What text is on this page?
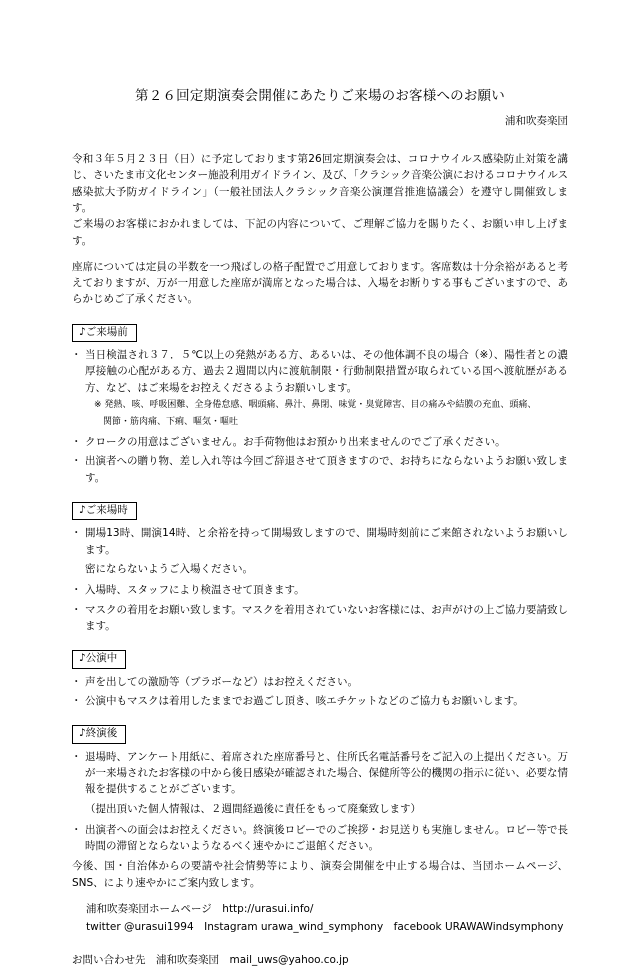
第２６回定期演奏会開催にあたりご来場のお客様へのお願い
浦和吹奏楽団

令和３年５月２３日（日）に予定しております第26回定期演奏会は、コロナウイルス感染防止対策を講じ、さいたま市文化センター施設利用ガイドライン、及び、「クラシック音楽公演におけるコロナウイルス感染拡大予防ガイドライン」（一般社団法人クラシック音楽公演運営推進協議会）を遵守し開催致します。

ご来場のお客様におかれましては、下記の内容について、ご理解ご協力を賜りたく、お願い申し上げます。

座席については定員の半数を一つ飛ばしの格子配置でご用意しております。客席数は十分余裕があると考えておりますが、万が一用意した座席が満席となった場合は、入場をお断りする事もございますので、あらかじめご了承ください。

♪ご来場前
・ 当日検温され３７．５℃以上の発熱がある方、あるいは、その他体調不良の場合（※）、陽性者との濃厚接触の心配がある方、過去２週間以内に渡航制限・行動制限措置が取られている国へ渡航歴がある方、など、はご来場をお控えくださるようお願いします。
※ 発熱、咳、呼吸困難、全身倦怠感、咽頭痛、鼻汁、鼻閉、味覚・臭覚障害、目の痛みや結膜の充血、頭痛、
関節・筋肉痛、下痢、嘔気・嘔吐
・ クロークの用意はございません。お手荷物他はお預かり出来ませんのでご了承ください。
・ 出演者への贈り物、差し入れ等は今回ご辞退させて頂きますので、お持ちにならないようお願い致します。
♪ご来場時
・ 開場13時、開演14時、と余裕を持って開場致しますので、開場時刻前にご来館されないようお願いします。
密にならないようご入場ください。
・ 入場時、スタッフにより検温させて頂きます。
・ マスクの着用をお願い致します。マスクを着用されていないお客様には、お声がけの上ご協力要請致します。
♪公演中
・ 声を出しての激励等（ブラボーなど）はお控えください。
・ 公演中もマスクは着用したままでお過ごし頂き、咳エチケットなどのご協力もお願いします。
♪終演後
・ 退場時、アンケート用紙に、着席された座席番号と、住所氏名電話番号をご記入の上提出ください。万が一来場されたお客様の中から後日感染が確認された場合、保健所等公的機関の指示に従い、必要な情報を提供することがございます。
（提出頂いた個人情報は、２週間経過後に責任をもって廃棄致します）
・ 出演者への面会はお控えください。終演後ロビーでのご挨拶・お見送りも実施しません。ロビー等で長時間の滞留とならないようなるべく速やかにご退館ください。

今後、国・自治体からの要請や社会情勢等により、演奏会開催を中止する場合は、当団ホームページ、SNS、により速やかにご案内致します。

浦和吹奏楽団ホームページ　http://urasui.info/
twitter @urasui1994　Instagram urawa_wind_symphony　facebook URAWAWindsymphony
お問い合わせ先　浦和吹奏楽団　mail_uws@yahoo.co.jp
